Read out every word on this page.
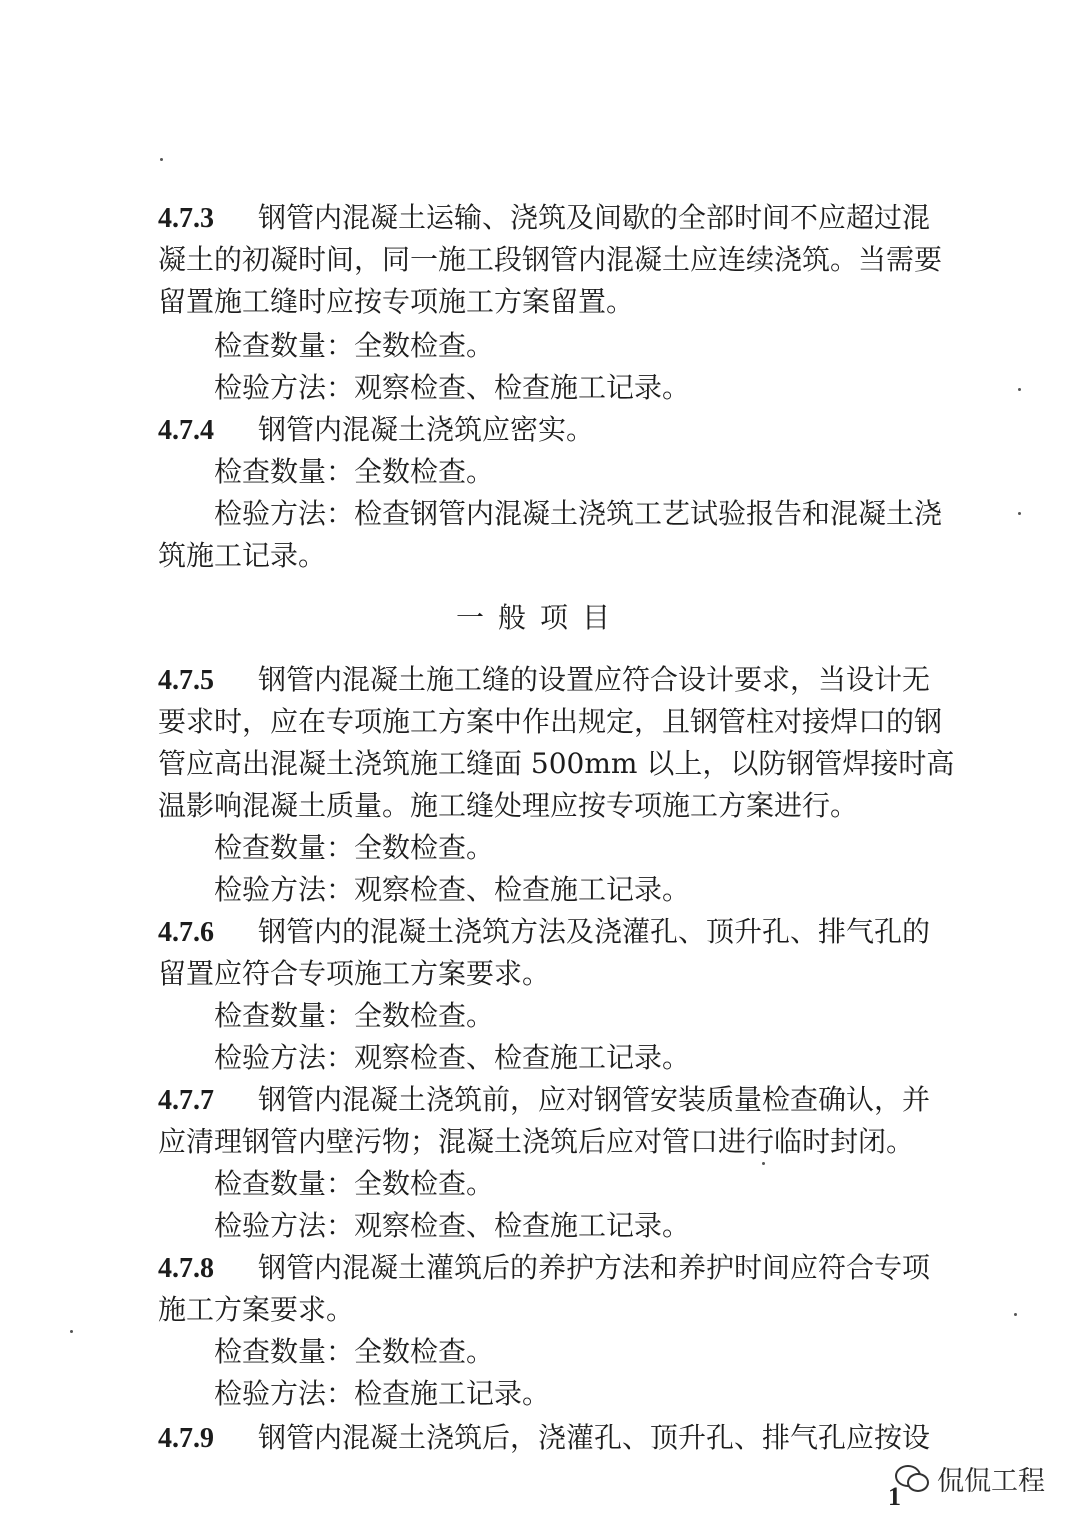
4.7.3 钢管内混凝土运输、浇筑及间歇的全部时间不应超过混
凝土的初凝时间，同一施工段钢管内混凝土应连续浇筑。当需要
留置施工缝时应按专项施工方案留置。
检查数量：全数检查。
检验方法：观察检查、检查施工记录。
4.7.4 钢管内混凝土浇筑应密实。
检查数量：全数检查。
检验方法：检查钢管内混凝土浇筑工艺试验报告和混凝土浇
筑施工记录。
一般项目
4.7.5 钢管内混凝土施工缝的设置应符合设计要求，当设计无
要求时，应在专项施工方案中作出规定，且钢管柱对接焊口的钢
管应高出混凝土浇筑施工缝面 500mm 以上，以防钢管焊接时高
温影响混凝土质量。施工缝处理应按专项施工方案进行。
检查数量：全数检查。
检验方法：观察检查、检查施工记录。
4.7.6 钢管内的混凝土浇筑方法及浇灌孔、顶升孔、排气孔的
留置应符合专项施工方案要求。
检查数量：全数检查。
检验方法：观察检查、检查施工记录。
4.7.7 钢管内混凝土浇筑前，应对钢管安装质量检查确认，并
应清理钢管内壁污物；混凝土浇筑后应对管口进行临时封闭。
检查数量：全数检查。
检验方法：观察检查、检查施工记录。
4.7.8 钢管内混凝土灌筑后的养护方法和养护时间应符合专项
施工方案要求。
检查数量：全数检查。
检验方法：检查施工记录。
4.7.9 钢管内混凝土浇筑后，浇灌孔、顶升孔、排气孔应按设
侃侃工程
1
